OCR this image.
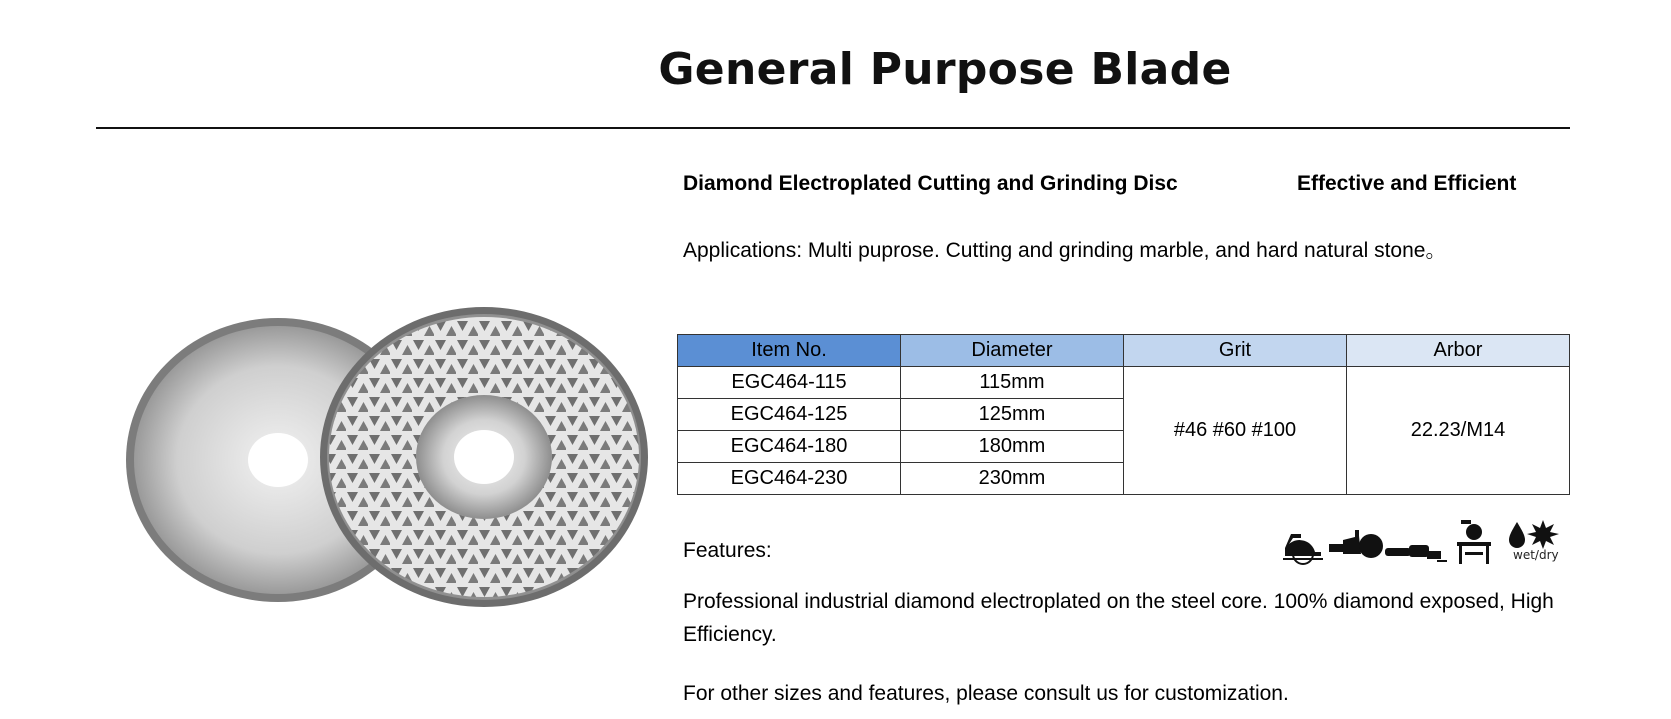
General Purpose Blade
Diamond Electroplated Cutting and Grinding Disc	Effective and Efficient
Applications: Multi puprose. Cutting and grinding marble, and hard natural stone。
Item No.	Diameter	Grit	Arbor
EGC464-115	115mm	#46 #60 #100	22.23/M14
EGC464-125	125mm		
EGC464-180	180mm		
EGC464-230	230mm		
Features:	wet/dry
Professional industrial diamond electroplated on the steel core. 100% diamond exposed, High Efficiency.
For other sizes and features, please consult us for customization.
